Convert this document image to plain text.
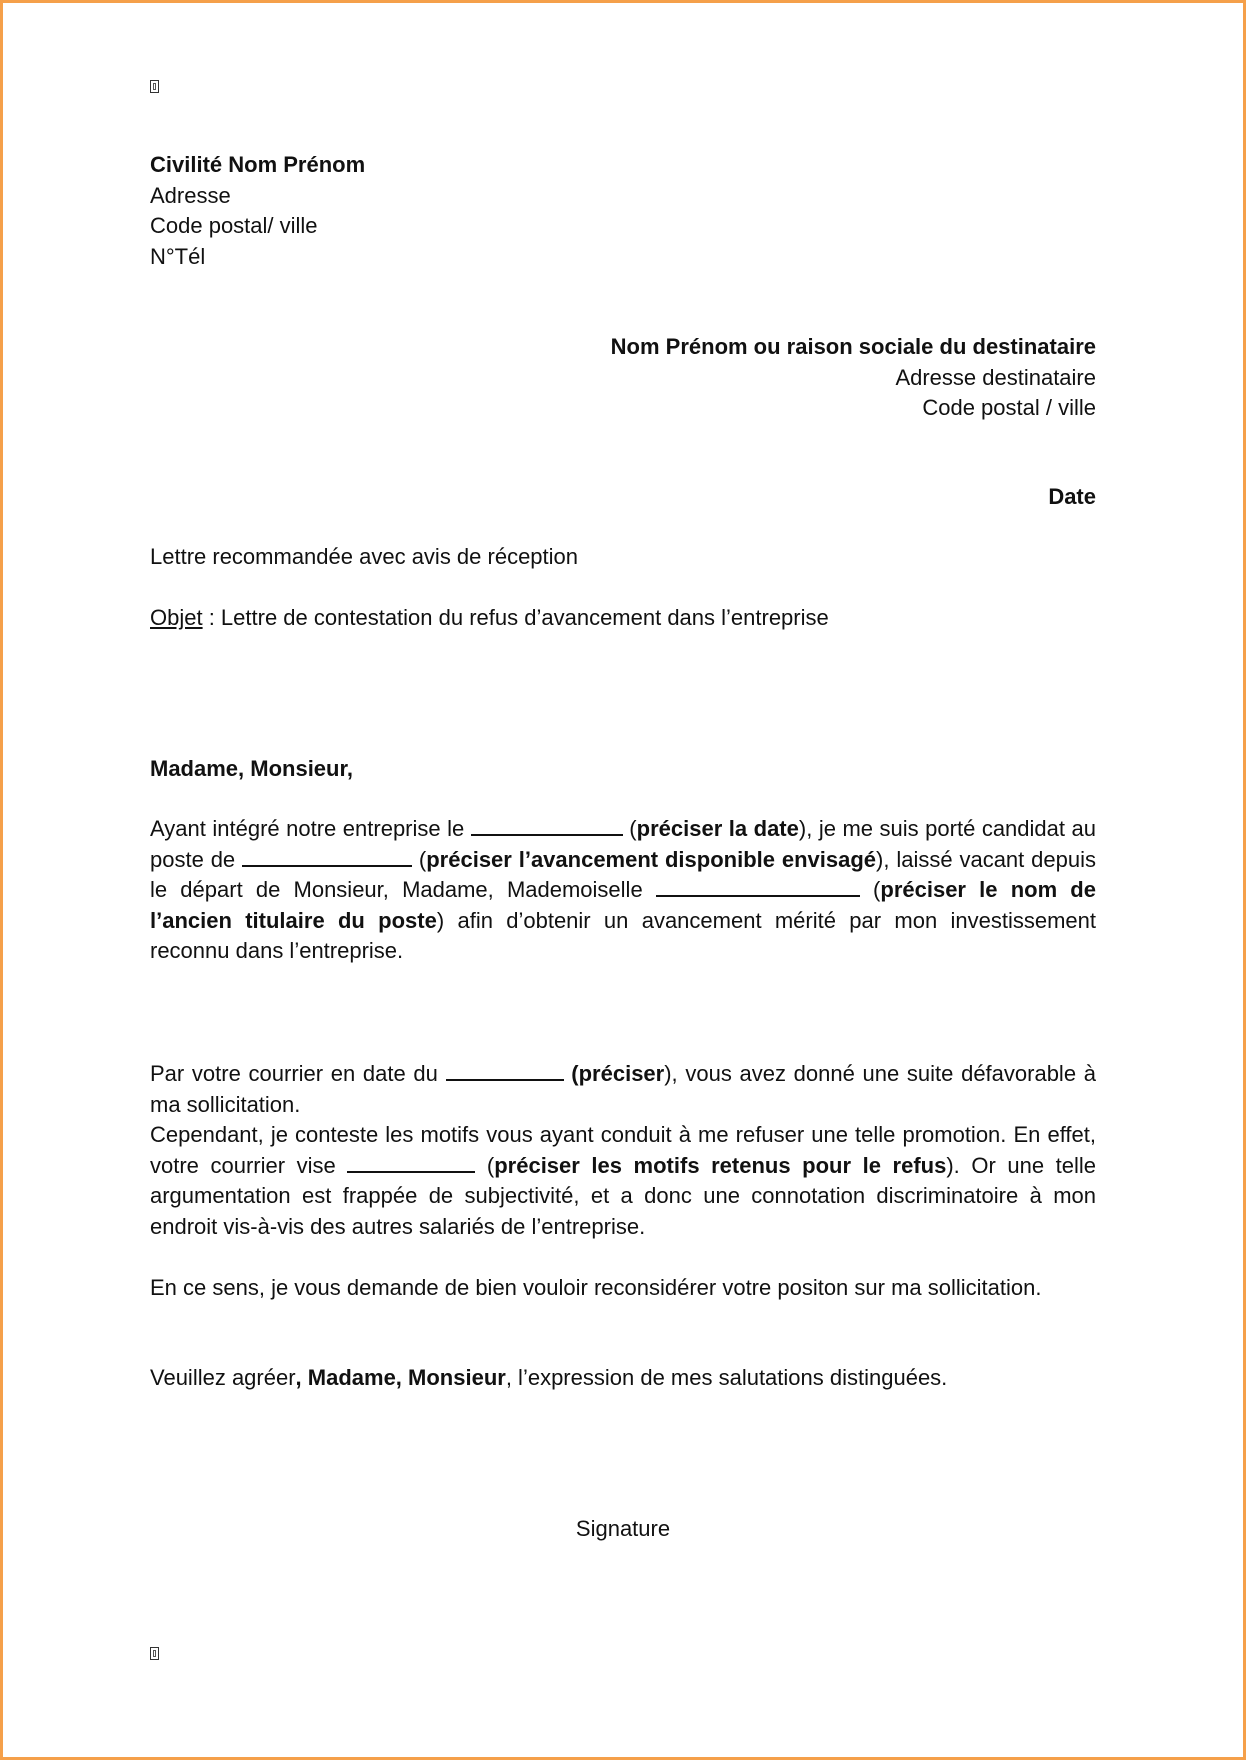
Civilité Nom Prénom
Adresse
Code postal/ ville
N°Tél
Nom Prénom ou raison sociale du destinataire
Adresse destinataire
Code postal / ville
Date
Lettre recommandée avec avis de réception
Objet : Lettre de contestation du refus d’avancement dans l’entreprise
Madame, Monsieur,
Ayant intégré notre entreprise le	(préciser la date), je me suis porté candidat au poste de	(préciser l’avancement disponible envisagé), laissé vacant depuis le départ de Monsieur, Madame, Mademoiselle	(préciser le nom de l’ancien titulaire du poste) afin d’obtenir un avancement mérité par mon investissement reconnu dans l’entreprise.
Par votre courrier en date du	(préciser), vous avez donné une suite défavorable à ma sollicitation.
Cependant, je conteste les motifs vous ayant conduit à me refuser une telle promotion. En effet, votre courrier vise	(préciser les motifs retenus pour le refus). Or une telle argumentation est frappée de subjectivité, et a donc une connotation discriminatoire à mon endroit vis-à-vis des autres salariés de l’entreprise.
En ce sens, je vous demande de bien vouloir reconsidérer votre positon sur ma sollicitation.
Veuillez agréer, Madame, Monsieur, l’expression de mes salutations distinguées.
Signature
